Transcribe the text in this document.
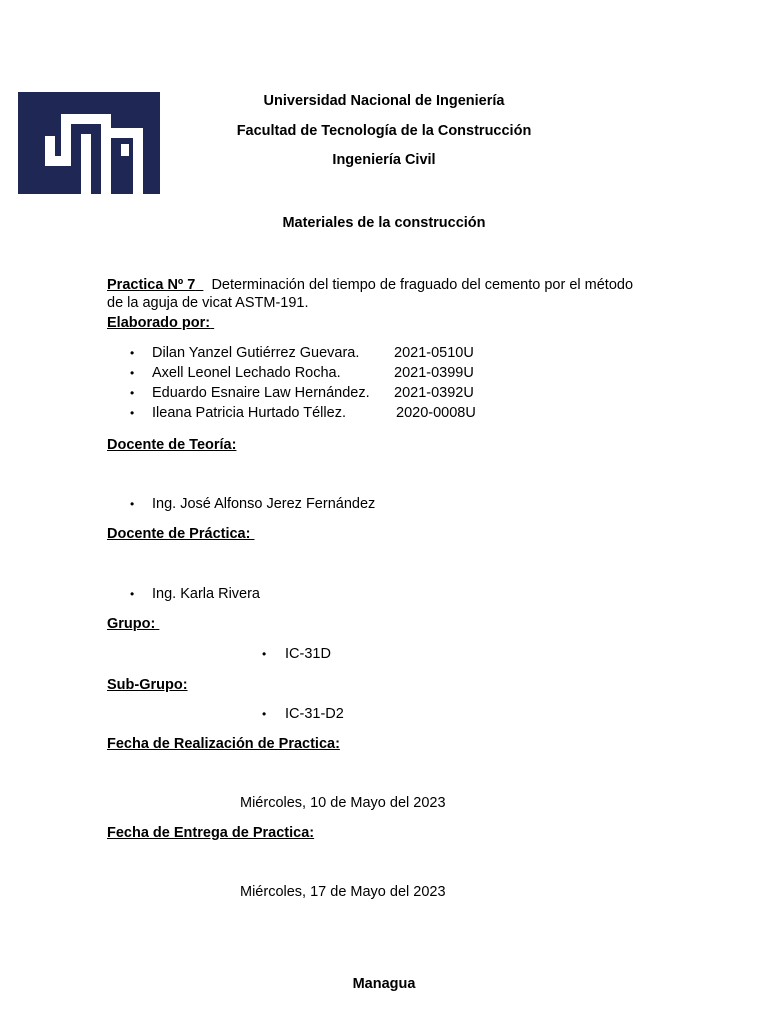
Universidad Nacional de Ingeniería
Facultad de Tecnología de la Construcción
Ingeniería Civil
Materiales de la construcción
Practica Nº 7 Determinación del tiempo de fraguado del cemento por el método
de la aguja de vicat ASTM-191.
Elaborado por:
•
Dilan Yanzel Gutiérrez Guevara. 2021-0510U
•
Axell Leonel Lechado Rocha.	2021-0399U
•
Eduardo Esnaire Law Hernández. 2021-0392U
•
Ileana Patricia Hurtado Téllez.	2020-0008U
Docente de Teoría:
•
Ing. José Alfonso Jerez Fernández
Docente de Práctica:
•
Ing. Karla Rivera
Grupo:
•
IC-31D
Sub-Grupo:
•
IC-31-D2
Fecha de Realización de Practica:
Miércoles, 10 de Mayo del 2023
Fecha de Entrega de Practica:
Miércoles, 17 de Mayo del 2023
Managua
